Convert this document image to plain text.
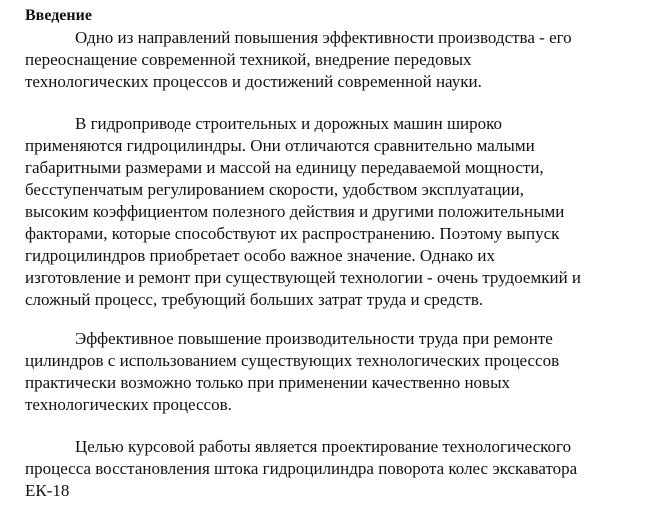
Введение
Одно из направлений повышения эффективности производства - его
переоснащение современной техникой, внедрение передовых
технологических процессов и достижений современной науки.
В гидроприводе строительных и дорожных машин широко
применяются гидроцилиндры. Они отличаются сравнительно малыми
габаритными размерами и массой на единицу передаваемой мощности,
бесступенчатым регулированием скорости, удобством эксплуатации,
высоким коэффициентом полезного действия и другими положительными
факторами, которые способствуют их распространению. Поэтому выпуск
гидроцилиндров приобретает особо важное значение. Однако их
изготовление и ремонт при существующей технологии - очень трудоемкий и
сложный процесс, требующий больших затрат труда и средств.
Эффективное повышение производительности труда при ремонте
цилиндров с использованием существующих технологических процессов
практически возможно только при применении качественно новых
технологических процессов.
Целью курсовой работы является проектирование технологического
процесса восстановления штока гидроцилиндра поворота колес экскаватора
ЕК-18
